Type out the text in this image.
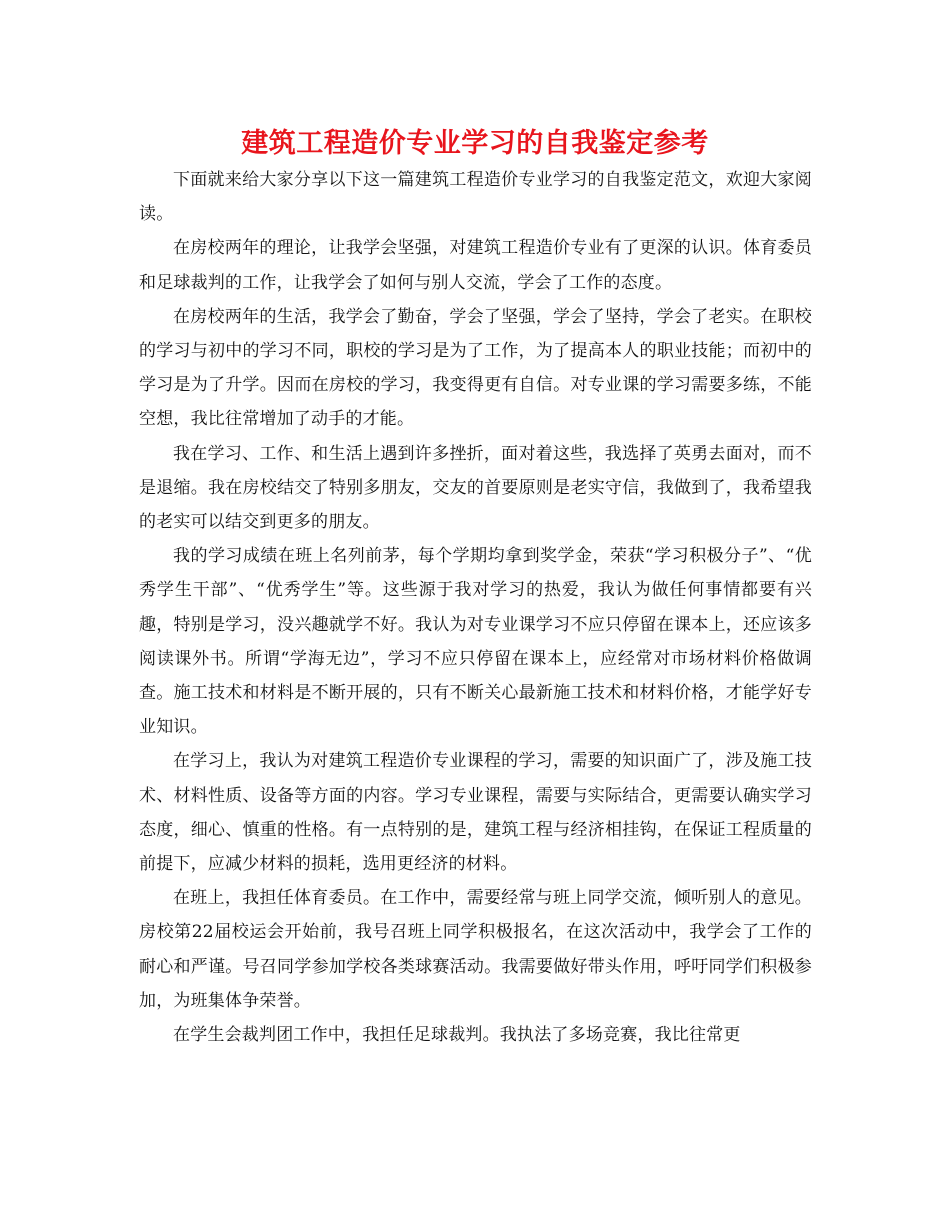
建筑工程造价专业学习的自我鉴定参考

下面就来给大家分享以下这一篇建筑工程造价专业学习的自我鉴定范文，欢迎大家阅读。

在房校两年的理论，让我学会坚强，对建筑工程造价专业有了更深的认识。体育委员和足球裁判的工作，让我学会了如何与别人交流，学会了工作的态度。

在房校两年的生活，我学会了勤奋，学会了坚强，学会了坚持，学会了老实。在职校的学习与初中的学习不同，职校的学习是为了工作，为了提高本人的职业技能；而初中的学习是为了升学。因而在房校的学习，我变得更有自信。对专业课的学习需要多练，不能空想，我比往常增加了动手的才能。

我在学习、工作、和生活上遇到许多挫折，面对着这些，我选择了英勇去面对，而不是退缩。我在房校结交了特别多朋友，交友的首要原则是老实守信，我做到了，我希望我的老实可以结交到更多的朋友。

我的学习成绩在班上名列前茅，每个学期均拿到奖学金，荣获“学习积极分子”、“优秀学生干部”、“优秀学生”等。这些源于我对学习的热爱，我认为做任何事情都要有兴趣，特别是学习，没兴趣就学不好。我认为对专业课学习不应只停留在课本上，还应该多阅读课外书。所谓“学海无边”，学习不应只停留在课本上，应经常对市场材料价格做调查。施工技术和材料是不断开展的，只有不断关心最新施工技术和材料价格，才能学好专业知识。

在学习上，我认为对建筑工程造价专业课程的学习，需要的知识面广了，涉及施工技术、材料性质、设备等方面的内容。学习专业课程，需要与实际结合，更需要认确实学习态度，细心、慎重的性格。有一点特别的是，建筑工程与经济相挂钩，在保证工程质量的前提下，应减少材料的损耗，选用更经济的材料。

在班上，我担任体育委员。在工作中，需要经常与班上同学交流，倾听别人的意见。房校第22届校运会开始前，我号召班上同学积极报名，在这次活动中，我学会了工作的耐心和严谨。号召同学参加学校各类球赛活动。我需要做好带头作用，呼吁同学们积极参加，为班集体争荣誉。

在学生会裁判团工作中，我担任足球裁判。我执法了多场竞赛，我比往常更
